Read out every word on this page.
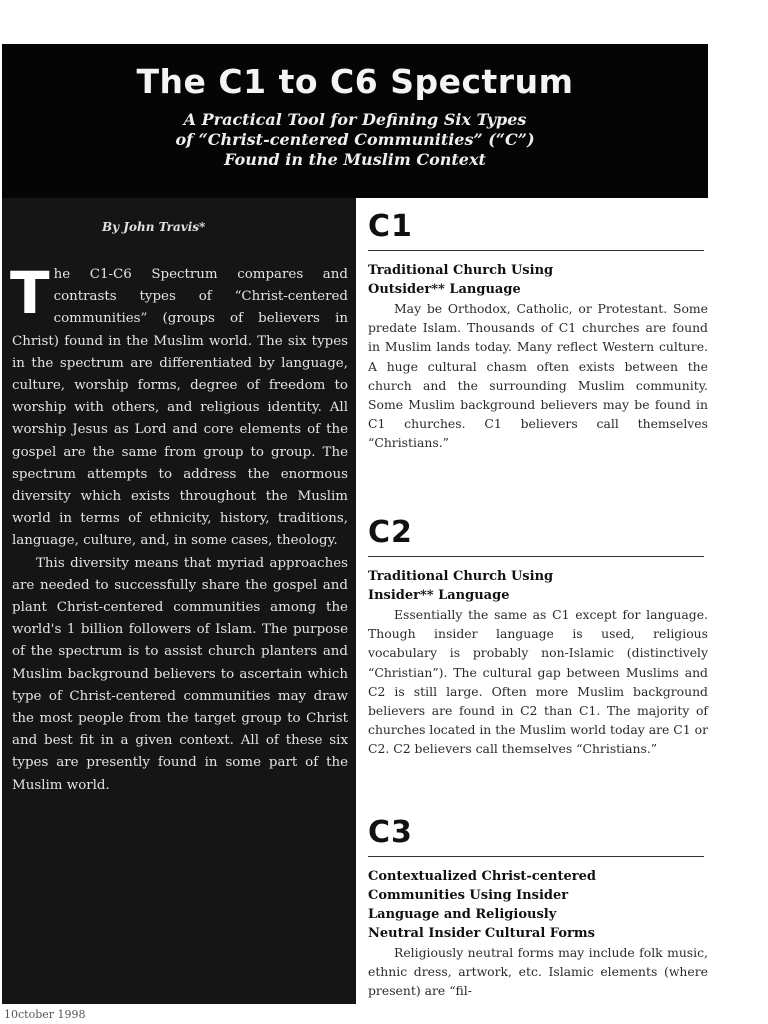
The C1 to C6 Spectrum
A Practical Tool for Defining Six Types
of “Christ-centered Communities” (“C”)
Found in the Muslim Context
By John Travis*

The C1-C6 Spectrum compares and contrasts types of “Christ-centered communities” (groups of believers in Christ) found in the Muslim world. The six types in the spectrum are differentiated by language, culture, worship forms, degree of freedom to worship with others, and religious identity. All worship Jesus as Lord and core elements of the gospel are the same from group to group. The spectrum attempts to address the enormous diversity which exists throughout the Muslim world in terms of ethnicity, history, traditions, language, culture, and, in some cases, theology.

This diversity means that myriad approaches are needed to successfully share the gospel and plant Christ-centered communities among the world's 1 billion followers of Islam. The purpose of the spectrum is to assist church planters and Muslim background believers to ascertain which type of Christ-centered communities may draw the most people from the target group to Christ and best fit in a given context. All of these six types are presently found in some part of the Muslim world.

C1
Traditional Church Using
Outsider** Language
May be Orthodox, Catholic, or Protestant. Some predate Islam. Thousands of C1 churches are found in Muslim lands today. Many reflect Western culture. A huge cultural chasm often exists between the church and the surrounding Muslim community. Some Muslim background believers may be found in C1 churches. C1 believers call themselves “Christians.”
C2
Traditional Church Using
Insider** Language
Essentially the same as C1 except for language. Though insider language is used, religious vocabulary is probably non-Islamic (distinctively “Christian”). The cultural gap between Muslims and C2 is still large. Often more Muslim background believers are found in C2 than C1. The majority of churches located in the Muslim world today are C1 or C2. C2 believers call themselves “Christians.”
C3
Contextualized Christ-centered
Communities Using Insider
Language and Religiously
Neutral Insider Cultural Forms
Religiously neutral forms may include folk music, ethnic dress, artwork, etc. Islamic elements (where present) are “fil-
10ctober 1998
